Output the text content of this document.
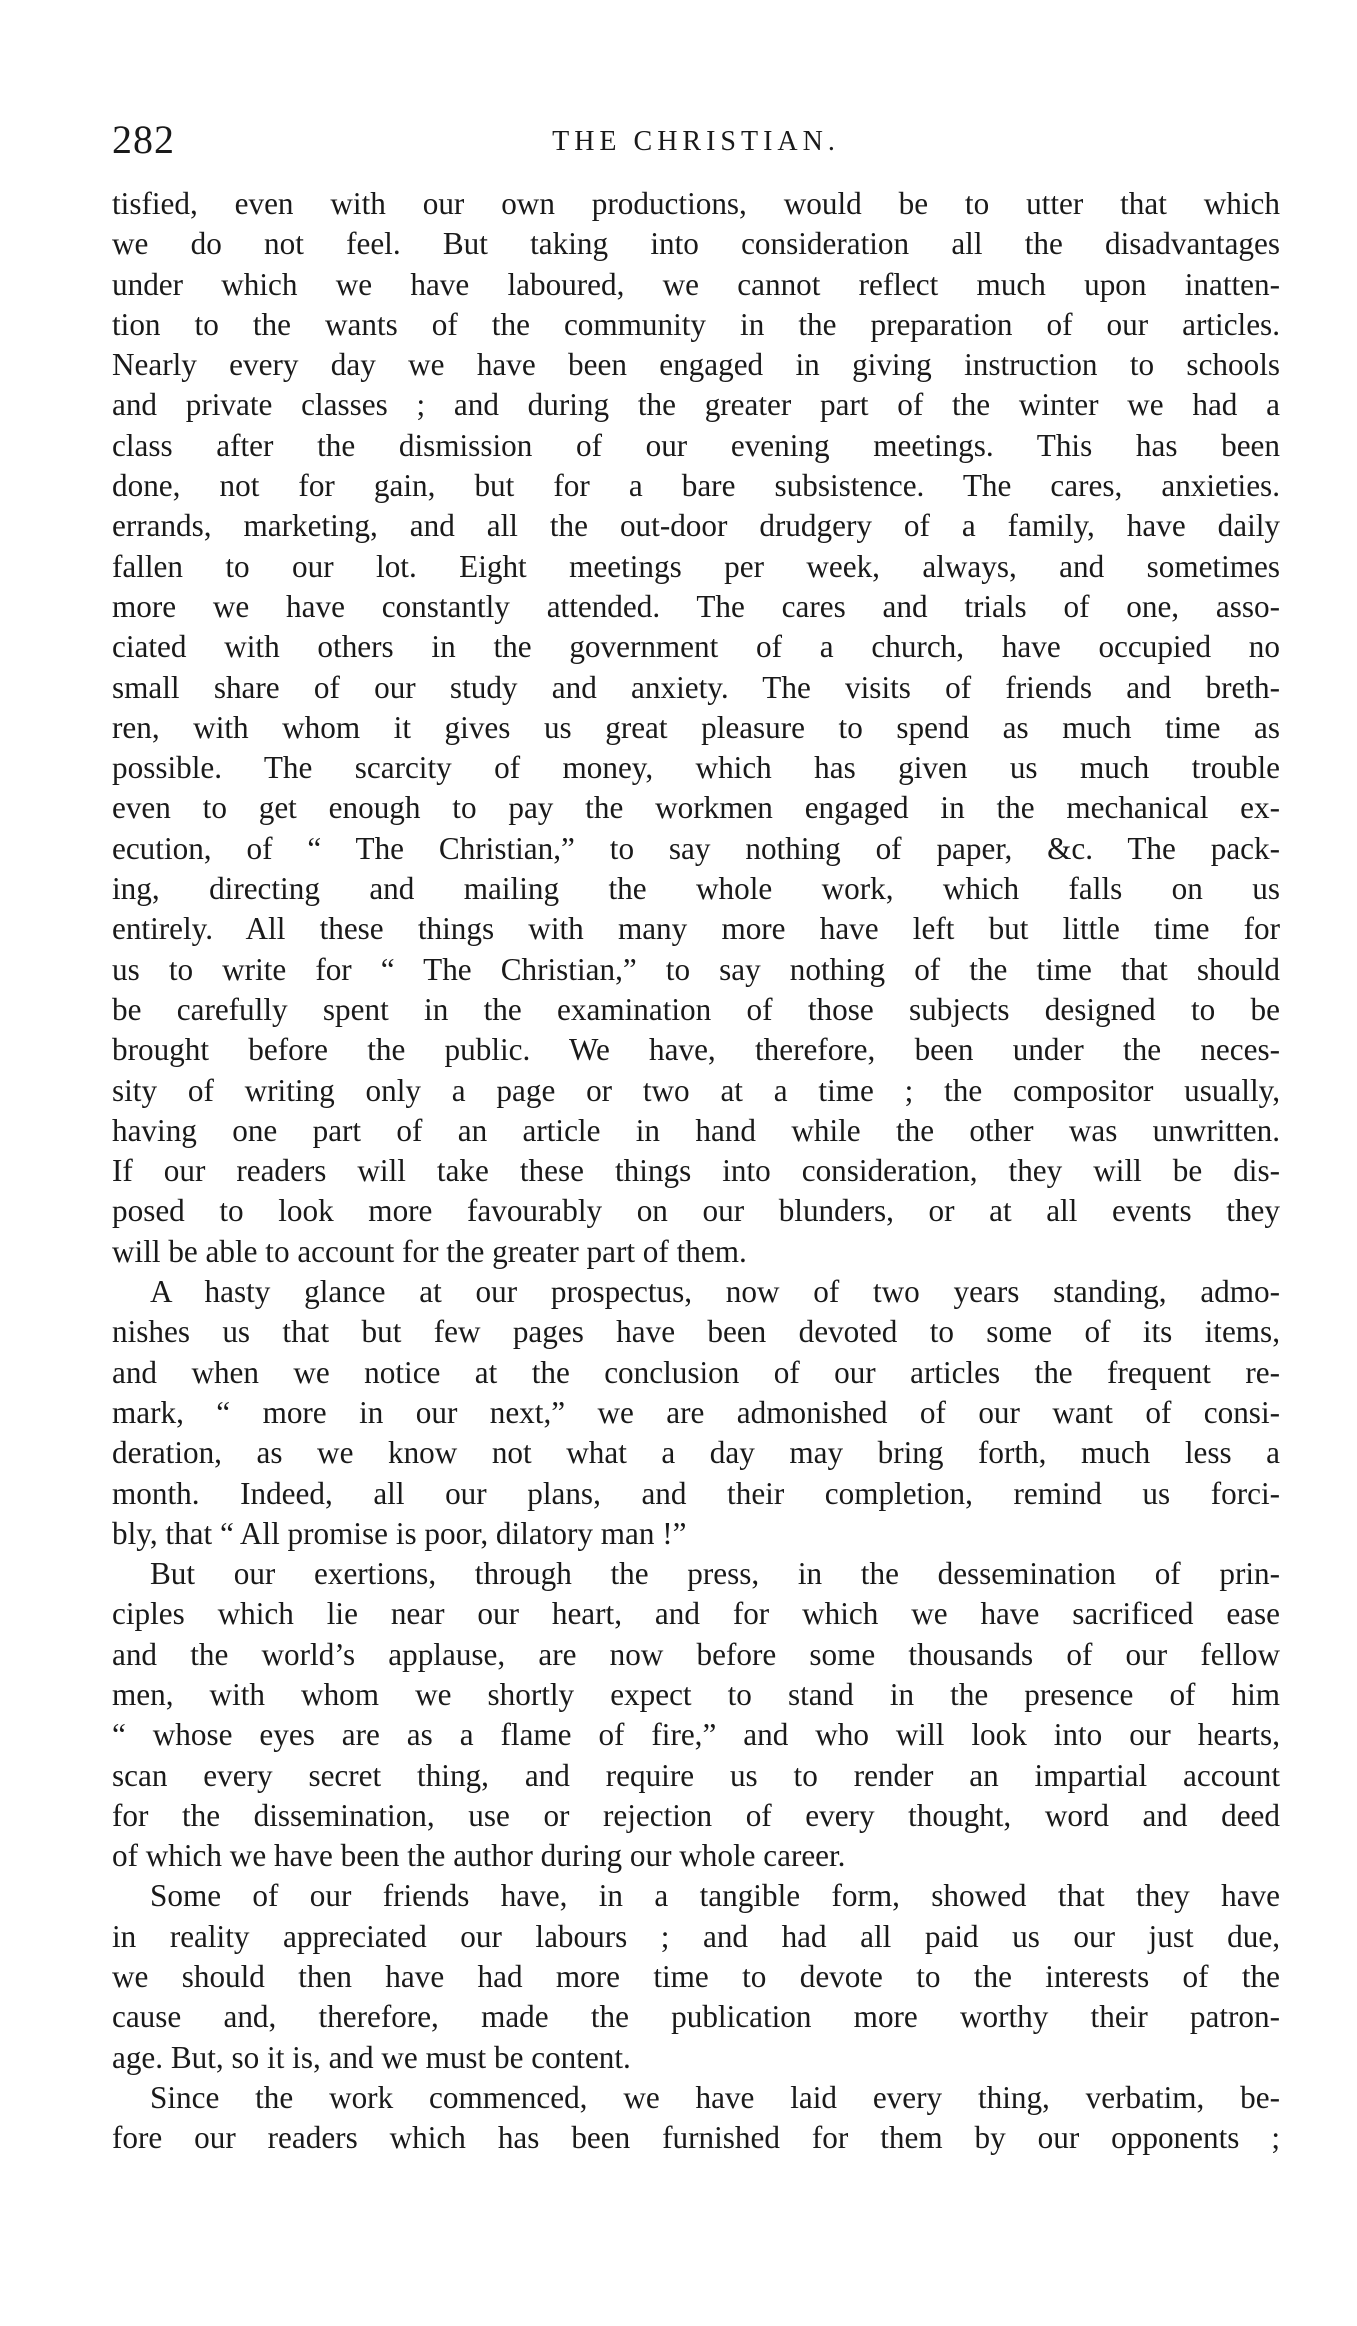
282	THE CHRISTIAN.

tisfied, even with our own productions, would be to utter that which
we do not feel. But taking into consideration all the disadvantages
under which we have laboured, we cannot reflect much upon inatten-
tion to the wants of the community in the preparation of our articles.
Nearly every day we have been engaged in giving instruction to schools
and private classes ; and during the greater part of the winter we had a
class after the dismission of our evening meetings. This has been
done, not for gain, but for a bare subsistence. The cares, anxieties.
errands, marketing, and all the out-door drudgery of a family, have daily
fallen to our lot. Eight meetings per week, always, and sometimes
more we have constantly attended. The cares and trials of one, asso-
ciated with others in the government of a church, have occupied no
small share of our study and anxiety. The visits of friends and breth-
ren, with whom it gives us great pleasure to spend as much time as
possible. The scarcity of money, which has given us much trouble
even to get enough to pay the workmen engaged in the mechanical ex-
ecution, of “ The Christian,” to say nothing of paper, &c. The pack-
ing, directing and mailing the whole work, which falls on us
entirely. All these things with many more have left but little time for
us to write for “ The Christian,” to say nothing of the time that should
be carefully spent in the examination of those subjects designed to be
brought before the public. We have, therefore, been under the neces-
sity of writing only a page or two at a time ; the compositor usually,
having one part of an article in hand while the other was unwritten.
If our readers will take these things into consideration, they will be dis-
posed to look more favourably on our blunders, or at all events they
will be able to account for the greater part of them.

A hasty glance at our prospectus, now of two years standing, admo-
nishes us that but few pages have been devoted to some of its items,
and when we notice at the conclusion of our articles the frequent re-
mark, “ more in our next,” we are admonished of our want of consi-
deration, as we know not what a day may bring forth, much less a
month. Indeed, all our plans, and their completion, remind us forci-
bly, that “ All promise is poor, dilatory man !”

But our exertions, through the press, in the dessemination of prin-
ciples which lie near our heart, and for which we have sacrificed ease
and the world’s applause, are now before some thousands of our fellow
men, with whom we shortly expect to stand in the presence of him
“ whose eyes are as a flame of fire,” and who will look into our hearts,
scan every secret thing, and require us to render an impartial account
for the dissemination, use or rejection of every thought, word and deed
of which we have been the author during our whole career.

Some of our friends have, in a tangible form, showed that they have
in reality appreciated our labours ; and had all paid us our just due,
we should then have had more time to devote to the interests of the
cause and, therefore, made the publication more worthy their patron-
age. But, so it is, and we must be content.

Since the work commenced, we have laid every thing, verbatim, be-
fore our readers which has been furnished for them by our opponents ;
